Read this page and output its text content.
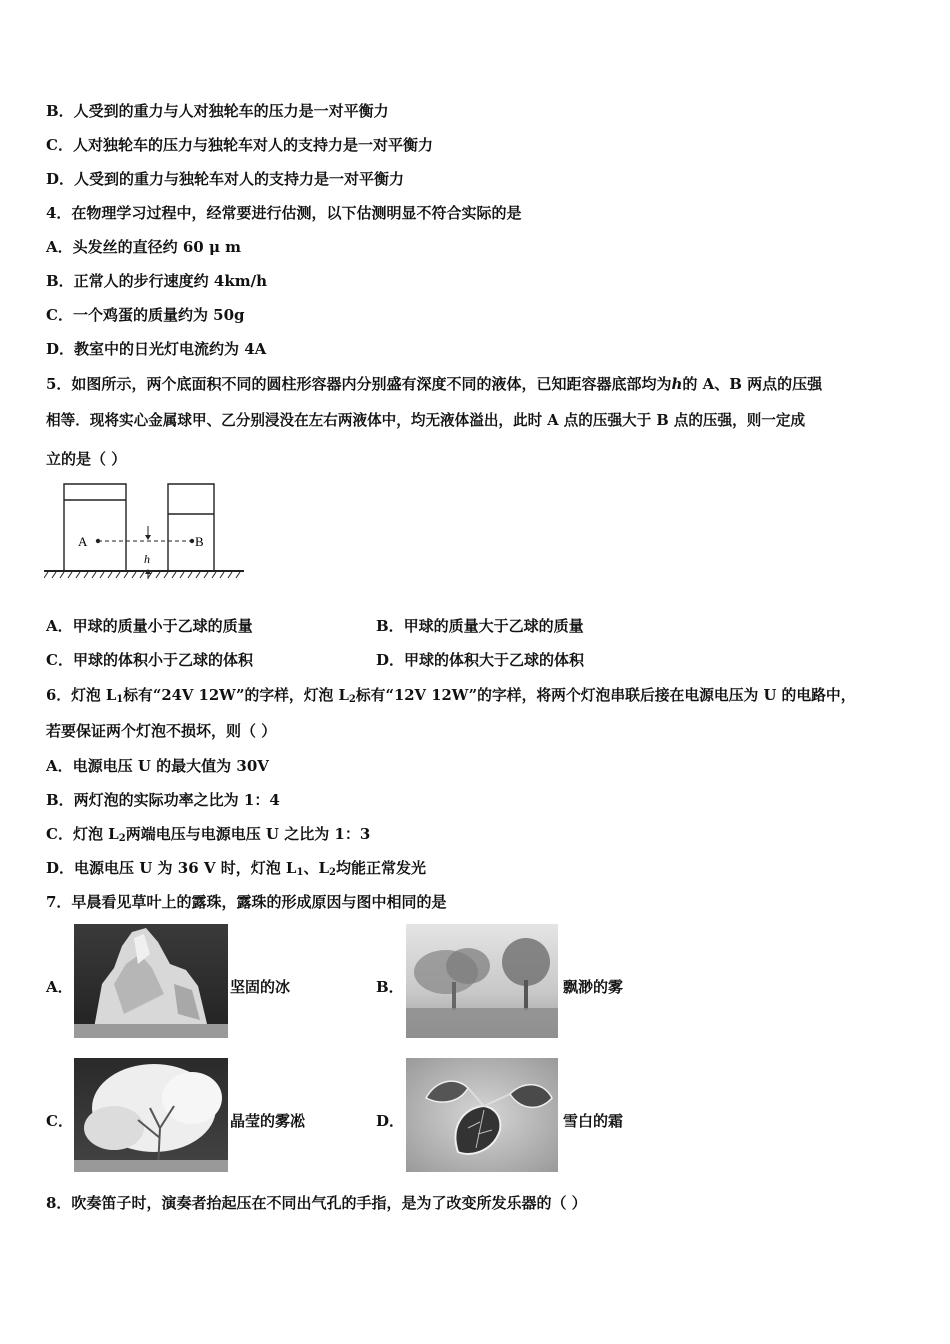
B．人受到的重力与人对独轮车的压力是一对平衡力
C．人对独轮车的压力与独轮车对人的支持力是一对平衡力
D．人受到的重力与独轮车对人的支持力是一对平衡力
4．在物理学习过程中，经常要进行估测，以下估测明显不符合实际的是
A．头发丝的直径约 60 μ m
B．正常人的步行速度约 4km/h
C．一个鸡蛋的质量约为 50g
D．教室中的日光灯电流约为 4A
5．如图所示，两个底面积不同的圆柱形容器内分别盛有深度不同的液体，已知距容器底部均为h的 A、B 两点的压强
相等．现将实心金属球甲、乙分别浸没在左右两液体中，均无液体溢出，此时 A 点的压强大于 B 点的压强，则一定成
立的是（ ）
A	B
h
A．甲球的质量小于乙球的质量	B．甲球的质量大于乙球的质量
C．甲球的体积小于乙球的体积	D．甲球的体积大于乙球的体积
6．灯泡 $L_1$标有“24V 12W”的字样，灯泡 $L_2$标有“12V 12W”的字样，将两个灯泡串联后接在电源电压为 U 的电路中，
若要保证两个灯泡不损坏，则（ ）
A．电源电压 U 的最大值为 30V
B．两灯泡的实际功率之比为 1：4
C．灯泡 $L_2$两端电压与电源电压 U 之比为 1：3
D．电源电压 U 为 36 V 时，灯泡 $L_1$、$L_2$均能正常发光
7．早晨看见草叶上的露珠，露珠的形成原因与图中相同的是
A．	坚固的冰	B．	飘渺的雾
C．	晶莹的雾凇	D．	雪白的霜
8．吹奏笛子时，演奏者抬起压在不同出气孔的手指，是为了改变所发乐器的（ ）
